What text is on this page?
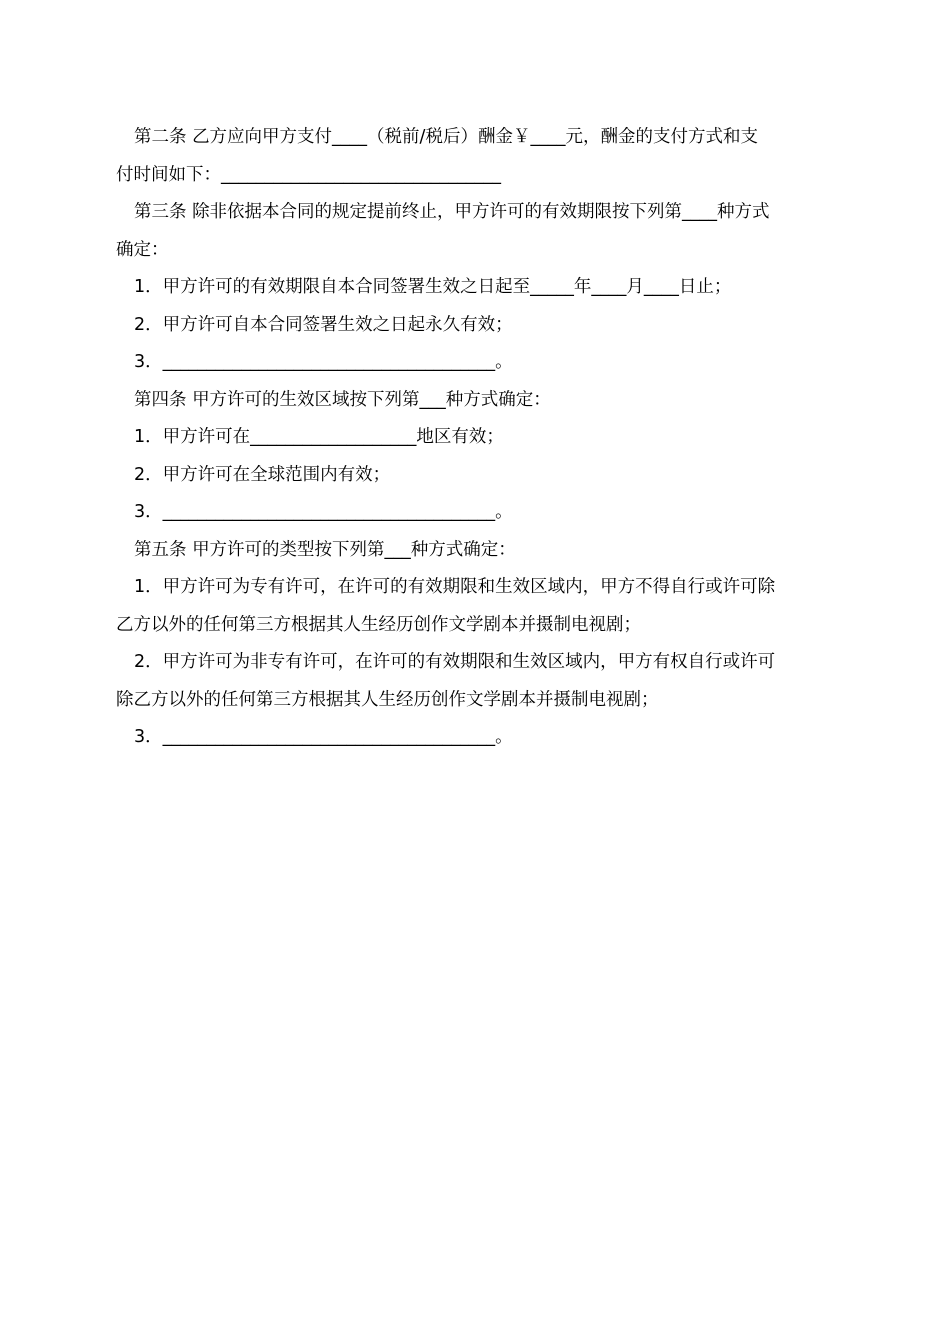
第二条 乙方应向甲方支付____（税前/税后）酬金￥____元，酬金的支付方式和支

付时间如下：________________________________

第三条 除非依据本合同的规定提前终止，甲方许可的有效期限按下列第____种方式

确定：

1．甲方许可的有效期限自本合同签署生效之日起至_____年____月____日止；

2．甲方许可自本合同签署生效之日起永久有效；

3．______________________________________。

第四条 甲方许可的生效区域按下列第___种方式确定：

1．甲方许可在___________________地区有效；

2．甲方许可在全球范围内有效；

3．______________________________________。

第五条 甲方许可的类型按下列第___种方式确定：

1．甲方许可为专有许可，在许可的有效期限和生效区域内，甲方不得自行或许可除

乙方以外的任何第三方根据其人生经历创作文学剧本并摄制电视剧；

2．甲方许可为非专有许可，在许可的有效期限和生效区域内，甲方有权自行或许可

除乙方以外的任何第三方根据其人生经历创作文学剧本并摄制电视剧；

3．______________________________________。
